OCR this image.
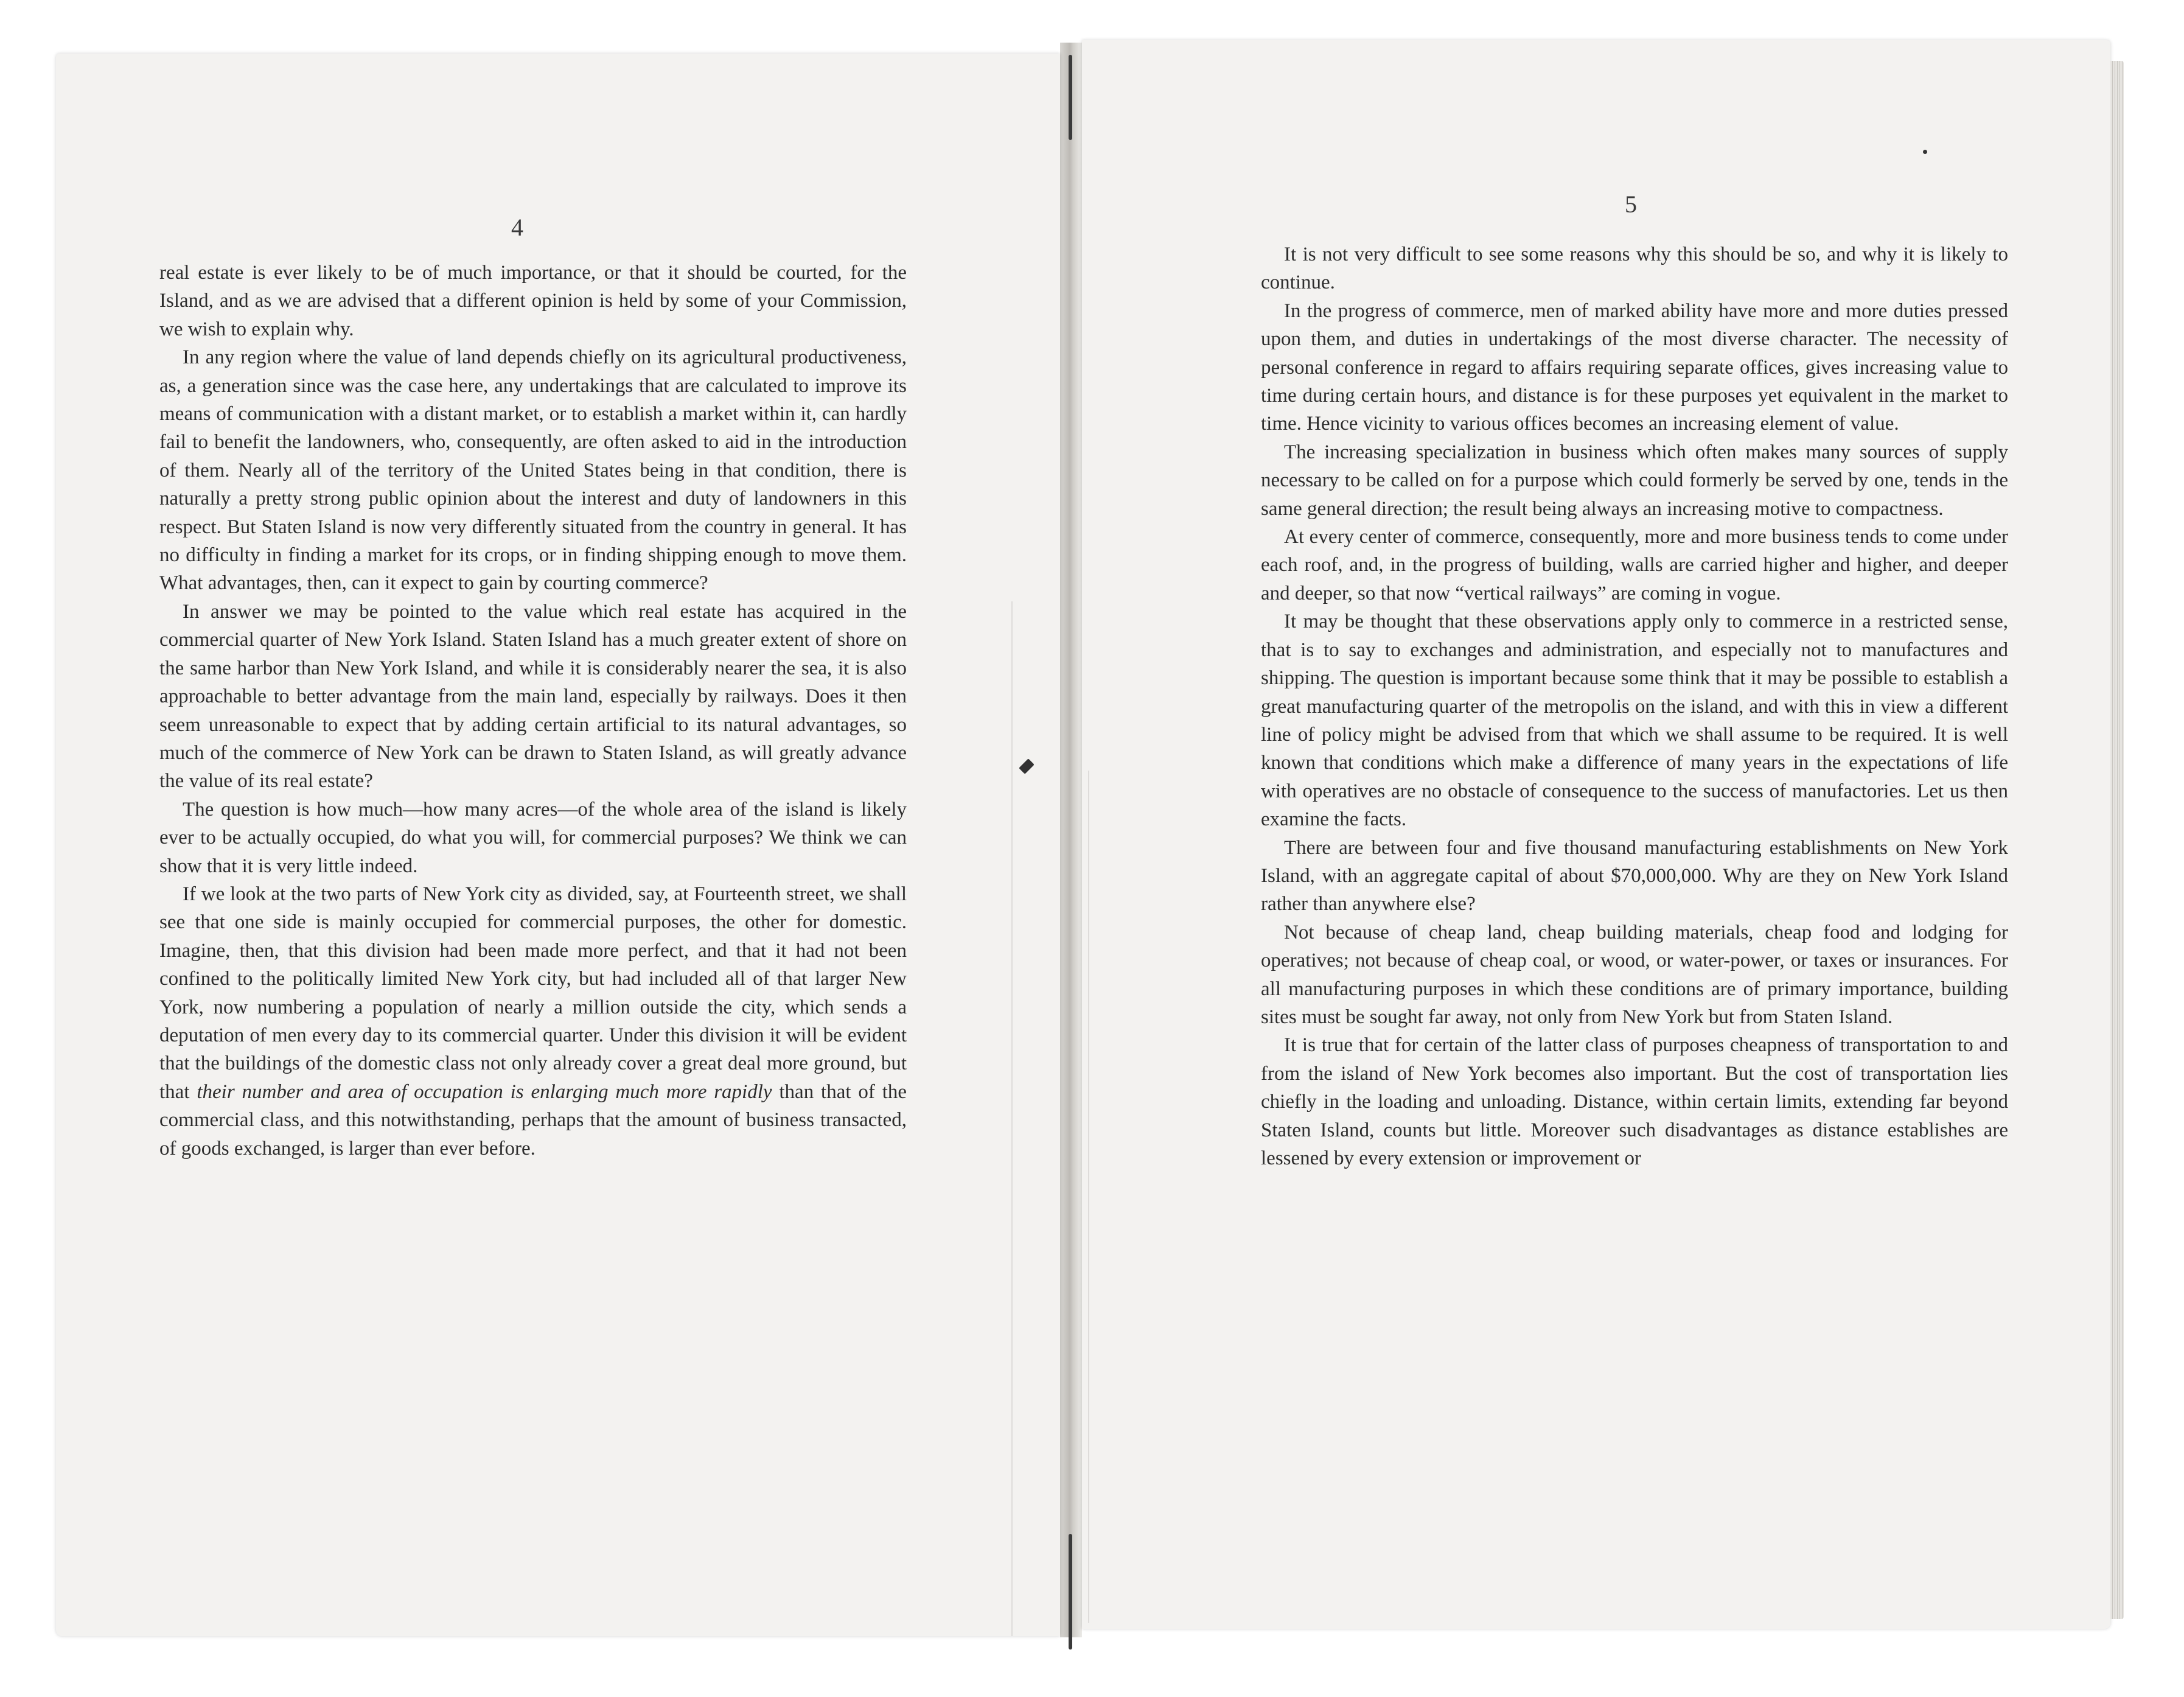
4
5

real estate is ever likely to be of much importance, or that it should be courted, for the Island, and as we are advised that a different opinion is held by some of your Commission, we wish to explain why.

In any region where the value of land depends chiefly on its agricultural productiveness, as, a generation since was the case here, any undertakings that are calculated to improve its means of communication with a distant market, or to establish a market within it, can hardly fail to benefit the landowners, who, consequently, are often asked to aid in the introduction of them. Nearly all of the territory of the United States being in that condition, there is naturally a pretty strong public opinion about the interest and duty of landowners in this respect. But Staten Island is now very differently situated from the country in general. It has no difficulty in finding a market for its crops, or in finding shipping enough to move them. What advantages, then, can it expect to gain by courting commerce?

In answer we may be pointed to the value which real estate has acquired in the commercial quarter of New York Island. Staten Island has a much greater extent of shore on the same harbor than New York Island, and while it is considerably nearer the sea, it is also approachable to better advantage from the main land, especially by railways. Does it then seem unreasonable to expect that by adding certain artificial to its natural advantages, so much of the commerce of New York can be drawn to Staten Island, as will greatly advance the value of its real estate?

The question is how much—how many acres—of the whole area of the island is likely ever to be actually occupied, do what you will, for commercial purposes? We think we can show that it is very little indeed.

If we look at the two parts of New York city as divided, say, at Fourteenth street, we shall see that one side is mainly occupied for commercial purposes, the other for domestic. Imagine, then, that this division had been made more perfect, and that it had not been confined to the politically limited New York city, but had included all of that larger New York, now numbering a population of nearly a million outside the city, which sends a deputation of men every day to its commercial quarter. Under this division it will be evident that the buildings of the domestic class not only already cover a great deal more ground, but that their number and area of occupation is enlarging much more rapidly than that of the commercial class, and this notwithstanding, perhaps that the amount of business transacted, of goods exchanged, is larger than ever before.

It is not very difficult to see some reasons why this should be so, and why it is likely to continue.

In the progress of commerce, men of marked ability have more and more duties pressed upon them, and duties in undertakings of the most diverse character. The necessity of personal conference in regard to affairs requiring separate offices, gives increasing value to time during certain hours, and distance is for these purposes yet equivalent in the market to time. Hence vicinity to various offices becomes an increasing element of value.

The increasing specialization in business which often makes many sources of supply necessary to be called on for a purpose which could formerly be served by one, tends in the same general direction; the result being always an increasing motive to compactness.

At every center of commerce, consequently, more and more business tends to come under each roof, and, in the progress of building, walls are carried higher and higher, and deeper and deeper, so that now “vertical railways” are coming in vogue.

It may be thought that these observations apply only to commerce in a restricted sense, that is to say to exchanges and administration, and especially not to manufactures and shipping. The question is important because some think that it may be possible to establish a great manufacturing quarter of the metropolis on the island, and with this in view a different line of policy might be advised from that which we shall assume to be required. It is well known that conditions which make a difference of many years in the expectations of life with operatives are no obstacle of consequence to the success of manufactories. Let us then examine the facts.

There are between four and five thousand manufacturing establishments on New York Island, with an aggregate capital of about $70,000,000. Why are they on New York Island rather than anywhere else?

Not because of cheap land, cheap building materials, cheap food and lodging for operatives; not because of cheap coal, or wood, or water-power, or taxes or insurances. For all manufacturing purposes in which these conditions are of primary importance, building sites must be sought far away, not only from New York but from Staten Island.

It is true that for certain of the latter class of purposes cheapness of transportation to and from the island of New York becomes also important. But the cost of transportation lies chiefly in the loading and unloading. Distance, within certain limits, extending far beyond Staten Island, counts but little. Moreover such disadvantages as distance establishes are lessened by every extension or improvement or
